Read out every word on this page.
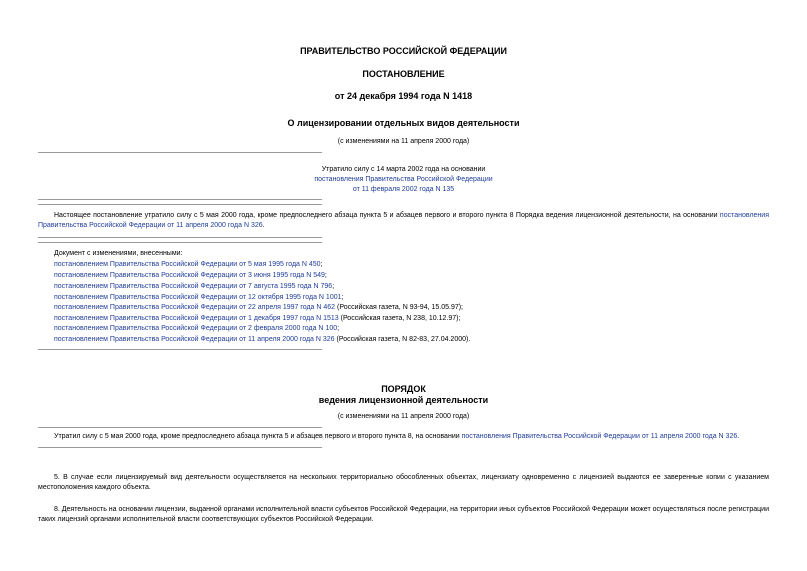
ПРАВИТЕЛЬСТВО РОССИЙСКОЙ ФЕДЕРАЦИИ
ПОСТАНОВЛЕНИЕ
от 24 декабря 1994 года N 1418
О лицензировании отдельных видов деятельности
(с изменениями на 11 апреля 2000 года)
Утратило силу с 14 марта 2002 года на основании
постановления Правительства Российской Федерации
от 11 февраля 2002 года N 135
Настоящее постановление утратило силу с 5 мая 2000 года, кроме предпоследнего абзаца пункта 5 и абзацев первого и второго пункта 8 Порядка ведения лицензионной деятельности, на основании постановления Правительства Российской Федерации от 11 апреля 2000 года N 326.
Документ с изменениями, внесенными:
постановлением Правительства Российской Федерации от 5 мая 1995 года N 450;
постановлением Правительства Российской Федерации от 3 июня 1995 года N 549;
постановлением Правительства Российской Федерации от 7 августа 1995 года N 796;
постановлением Правительства Российской Федерации от 12 октября 1995 года N 1001;
постановлением Правительства Российской Федерации от 22 апреля 1997 года N 462 (Российская газета, N 93-94, 15.05.97);
постановлением Правительства Российской Федерации от 1 декабря 1997 года N 1513 (Российская газета, N 238, 10.12.97);
постановлением Правительства Российской Федерации от 2 февраля 2000 года N 100;
постановлением Правительства Российской Федерации от 11 апреля 2000 года N 326 (Российская газета, N 82-83, 27.04.2000).
ПОРЯДОК
ведения лицензионной деятельности
(с изменениями на 11 апреля 2000 года)
Утратил силу с 5 мая 2000 года, кроме предпоследнего абзаца пункта 5 и абзацев первого и второго пункта 8, на основании постановления Правительства Российской Федерации от 11 апреля 2000 года N 326.
5. В случае если лицензируемый вид деятельности осуществляется на нескольких территориально обособленных объектах, лицензиату одновременно с лицензией выдаются ее заверенные копии с указанием местоположения каждого объекта.
8. Деятельность на основании лицензии, выданной органами исполнительной власти субъектов Российской Федерации, на территории иных субъектов Российской Федерации может осуществляться после регистрации таких лицензий органами исполнительной власти соответствующих субъектов Российской Федерации.
